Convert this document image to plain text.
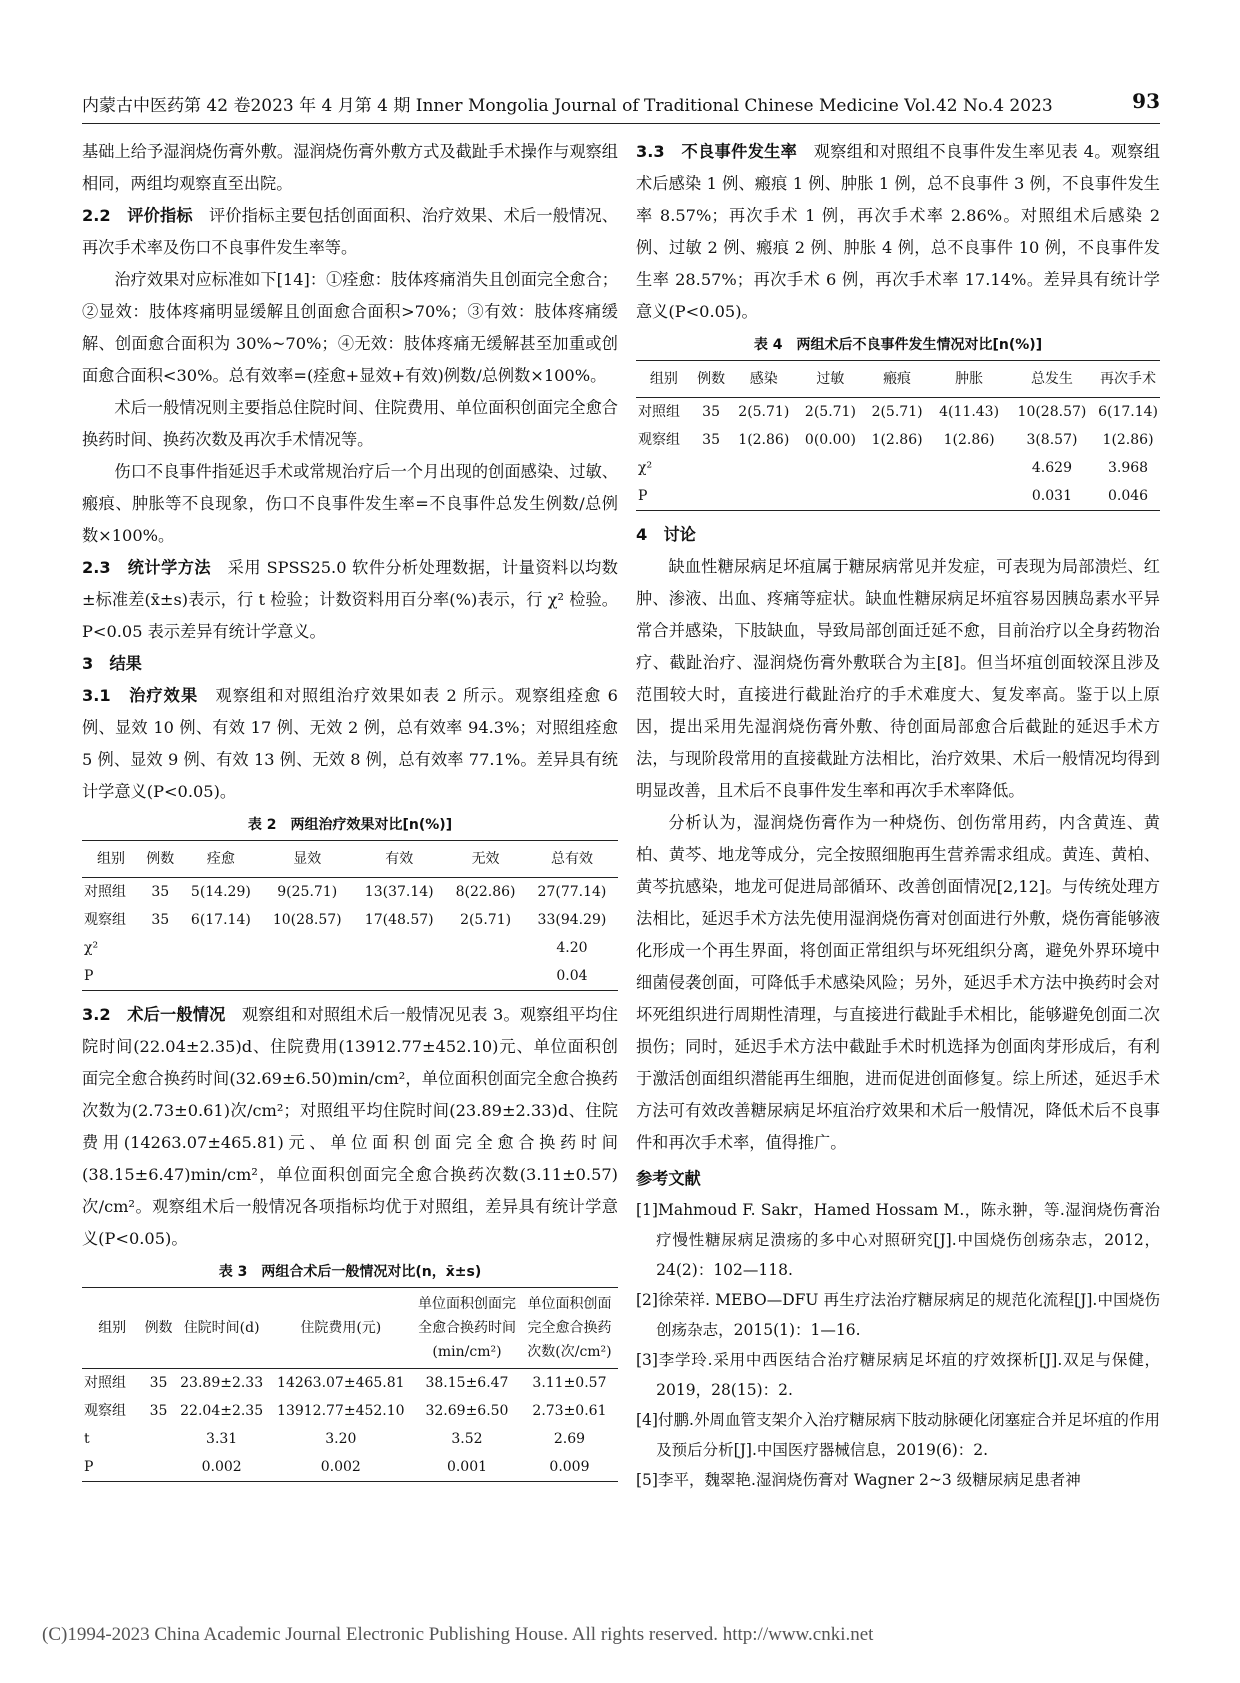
内蒙古中医药第 42 卷2023 年 4 月第 4 期 Inner Mongolia Journal of Traditional Chinese Medicine Vol.42 No.4 2023	93

基础上给予湿润烧伤膏外敷。湿润烧伤膏外敷方式及截趾手术操作与观察组相同，两组均观察直至出院。

2.2　评价指标　评价指标主要包括创面面积、治疗效果、术后一般情况、再次手术率及伤口不良事件发生率等。

治疗效果对应标准如下[14]：①痊愈：肢体疼痛消失且创面完全愈合；②显效：肢体疼痛明显缓解且创面愈合面积>70%；③有效：肢体疼痛缓解、创面愈合面积为 30%~70%；④无效：肢体疼痛无缓解甚至加重或创面愈合面积<30%。总有效率=(痊愈+显效+有效)例数/总例数×100%。

术后一般情况则主要指总住院时间、住院费用、单位面积创面完全愈合换药时间、换药次数及再次手术情况等。

伤口不良事件指延迟手术或常规治疗后一个月出现的创面感染、过敏、瘢痕、肿胀等不良现象，伤口不良事件发生率=不良事件总发生例数/总例数×100%。

2.3　统计学方法　采用 SPSS25.0 软件分析处理数据，计量资料以均数±标准差(x̄±s)表示，行 t 检验；计数资料用百分率(%)表示，行 χ² 检验。P<0.05 表示差异有统计学意义。

3　结果

3.1　治疗效果　观察组和对照组治疗效果如表 2 所示。观察组痊愈 6 例、显效 10 例、有效 17 例、无效 2 例，总有效率 94.3%；对照组痊愈 5 例、显效 9 例、有效 13 例、无效 8 例，总有效率 77.1%。差异具有统计学意义(P<0.05)。

表 2　两组治疗效果对比[n(%)]
组别	例数	痊愈	显效	有效	无效	总有效
对照组	35	5(14.29)	9(25.71)	13(37.14)	8(22.86)	27(77.14)
观察组	35	6(17.14)	10(28.57)	17(48.57)	2(5.71)	33(94.29)
χ²						4.20
P						0.04

3.2　术后一般情况　观察组和对照组术后一般情况见表 3。观察组平均住院时间(22.04±2.35)d、住院费用(13912.77±452.10)元、单位面积创面完全愈合换药时间(32.69±6.50)min/cm²，单位面积创面完全愈合换药次数为(2.73±0.61)次/cm²；对照组平均住院时间(23.89±2.33)d、住院费用(14263.07±465.81)元、单位面积创面完全愈合换药时间(38.15±6.47)min/cm²，单位面积创面完全愈合换药次数(3.11±0.57)次/cm²。观察组术后一般情况各项指标均优于对照组，差异具有统计学意义(P<0.05)。

表 3　两组合术后一般情况对比(n，x̄±s)
组别	例数	住院时间(d)	住院费用(元)	单位面积创面完全愈合换药时间(min/cm²)	单位面积创面完全愈合换药次数(次/cm²)
对照组	35	23.89±2.33	14263.07±465.81	38.15±6.47	3.11±0.57
观察组	35	22.04±2.35	13912.77±452.10	32.69±6.50	2.73±0.61
t		3.31	3.20	3.52	2.69
P		0.002	0.002	0.001	0.009

3.3　不良事件发生率　观察组和对照组不良事件发生率见表 4。观察组术后感染 1 例、瘢痕 1 例、肿胀 1 例，总不良事件 3 例，不良事件发生率 8.57%；再次手术 1 例，再次手术率 2.86%。对照组术后感染 2 例、过敏 2 例、瘢痕 2 例、肿胀 4 例，总不良事件 10 例，不良事件发生率 28.57%；再次手术 6 例，再次手术率 17.14%。差异具有统计学意义(P<0.05)。

表 4　两组术后不良事件发生情况对比[n(%)]
组别	例数	感染	过敏	瘢痕	肿胀	总发生	再次手术
对照组	35	2(5.71)	2(5.71)	2(5.71)	4(11.43)	10(28.57)	6(17.14)
观察组	35	1(2.86)	0(0.00)	1(2.86)	1(2.86)	3(8.57)	1(2.86)
χ²						4.629	3.968
P						0.031	0.046

4　讨论

缺血性糖尿病足坏疽属于糖尿病常见并发症，可表现为局部溃烂、红肿、渗液、出血、疼痛等症状。缺血性糖尿病足坏疽容易因胰岛素水平异常合并感染，下肢缺血，导致局部创面迁延不愈，目前治疗以全身药物治疗、截趾治疗、湿润烧伤膏外敷联合为主[8]。但当坏疽创面较深且涉及范围较大时，直接进行截趾治疗的手术难度大、复发率高。鉴于以上原因，提出采用先湿润烧伤膏外敷、待创面局部愈合后截趾的延迟手术方法，与现阶段常用的直接截趾方法相比，治疗效果、术后一般情况均得到明显改善，且术后不良事件发生率和再次手术率降低。

分析认为，湿润烧伤膏作为一种烧伤、创伤常用药，内含黄连、黄柏、黄芩、地龙等成分，完全按照细胞再生营养需求组成。黄连、黄柏、黄芩抗感染，地龙可促进局部循环、改善创面情况[2,12]。与传统处理方法相比，延迟手术方法先使用湿润烧伤膏对创面进行外敷，烧伤膏能够液化形成一个再生界面，将创面正常组织与坏死组织分离，避免外界环境中细菌侵袭创面，可降低手术感染风险；另外，延迟手术方法中换药时会对坏死组织进行周期性清理，与直接进行截趾手术相比，能够避免创面二次损伤；同时，延迟手术方法中截趾手术时机选择为创面肉芽形成后，有利于激活创面组织潜能再生细胞，进而促进创面修复。综上所述，延迟手术方法可有效改善糖尿病足坏疽治疗效果和术后一般情况，降低术后不良事件和再次手术率，值得推广。

参考文献

[1]Mahmoud F. Sakr，Hamed Hossam M.，陈永翀，等.湿润烧伤膏治疗慢性糖尿病足溃疡的多中心对照研究[J].中国烧伤创疡杂志，2012，24(2)：102—118.

[2]徐荣祥. MEBO—DFU 再生疗法治疗糖尿病足的规范化流程[J].中国烧伤创疡杂志，2015(1)：1—16.

[3]李学玲.采用中西医结合治疗糖尿病足坏疽的疗效探析[J].双足与保健，2019，28(15)：2.

[4]付鹏.外周血管支架介入治疗糖尿病下肢动脉硬化闭塞症合并足坏疽的作用及预后分析[J].中国医疗器械信息，2019(6)：2.

[5]李平，魏翠艳.湿润烧伤膏对 Wagner 2~3 级糖尿病足患者神

(C)1994-2023 China Academic Journal Electronic Publishing House. All rights reserved. http://www.cnki.net
